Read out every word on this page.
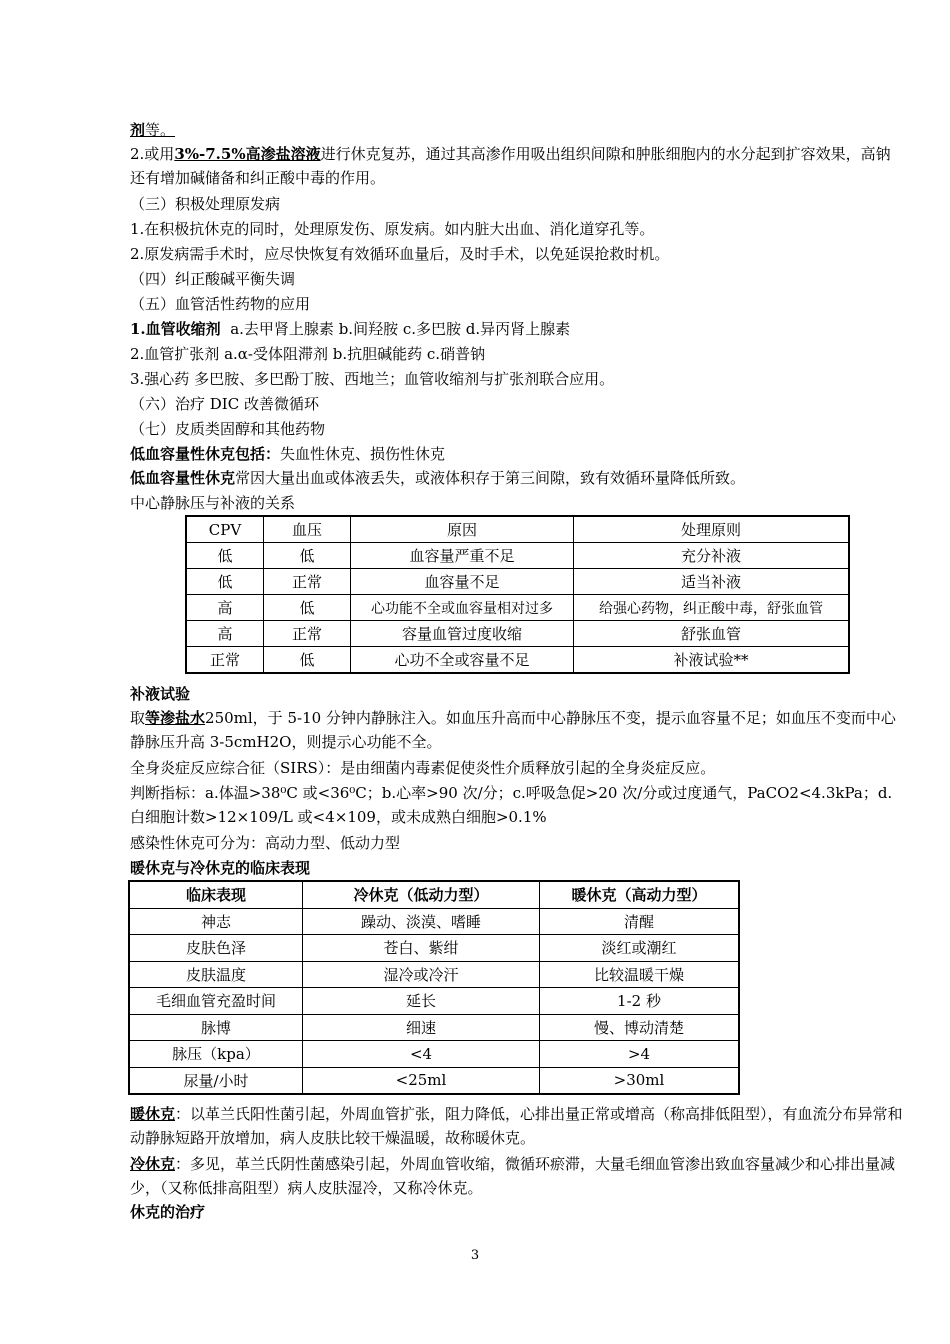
剂等。
2.或用3%-7.5%高渗盐溶液进行休克复苏，通过其高渗作用吸出组织间隙和肿胀细胞内的水分起到扩容效果，高钠还有增加碱储备和纠正酸中毒的作用。
（三）积极处理原发病
1.在积极抗休克的同时，处理原发伤、原发病。如内脏大出血、消化道穿孔等。
2.原发病需手术时，应尽快恢复有效循环血量后，及时手术，以免延误抢救时机。
（四）纠正酸碱平衡失调
（五）血管活性药物的应用
1.血管收缩剂 a.去甲肾上腺素 b.间羟胺 c.多巴胺 d.异丙肾上腺素
2.血管扩张剂 a.α-受体阻滞剂 b.抗胆碱能药 c.硝普钠
3.强心药 多巴胺、多巴酚丁胺、西地兰；血管收缩剂与扩张剂联合应用。
（六）治疗 DIC 改善微循环
（七）皮质类固醇和其他药物
低血容量性休克包括：失血性休克、损伤性休克
低血容量性休克常因大量出血或体液丢失，或液体积存于第三间隙，致有效循环量降低所致。
中心静脉压与补液的关系
CPV	血压	原因	处理原则
低	低	血容量严重不足	充分补液
低	正常	血容量不足	适当补液
高	低	心功能不全或血容量相对过多	给强心药物，纠正酸中毒，舒张血管
高	正常	容量血管过度收缩	舒张血管
正常	低	心功不全或容量不足	补液试验**
补液试验
取等渗盐水250ml，于 5-10 分钟内静脉注入。如血压升高而中心静脉压不变，提示血容量不足；如血压不变而中心静脉压升高 3-5cmH2O，则提示心功能不全。
全身炎症反应综合征（SIRS）：是由细菌内毒素促使炎性介质释放引起的全身炎症反应。
判断指标：a.体温>38⁰C 或<36⁰C；b.心率>90 次/分；c.呼吸急促>20 次/分或过度通气，PaCO2<4.3kPa；d.白细胞计数>12×109/L 或<4×109，或未成熟白细胞>0.1%
感染性休克可分为：高动力型、低动力型
暖休克与冷休克的临床表现
临床表现	冷休克（低动力型）	暖休克（高动力型）
神志	躁动、淡漠、嗜睡	清醒
皮肤色泽	苍白、紫绀	淡红或潮红
皮肤温度	湿冷或冷汗	比较温暖干燥
毛细血管充盈时间	延长	1-2 秒
脉博	细速	慢、博动清楚
脉压（kpa）	<4	>4
尿量/小时	<25ml	>30ml
暖休克：以革兰氏阳性菌引起，外周血管扩张，阻力降低，心排出量正常或增高（称高排低阻型），有血流分布异常和动静脉短路开放增加，病人皮肤比较干燥温暖，故称暖休克。
冷休克：多见，革兰氏阴性菌感染引起，外周血管收缩，微循环瘀滞，大量毛细血管渗出致血容量减少和心排出量减少，（又称低排高阻型）病人皮肤湿冷，又称冷休克。
休克的治疗
3
